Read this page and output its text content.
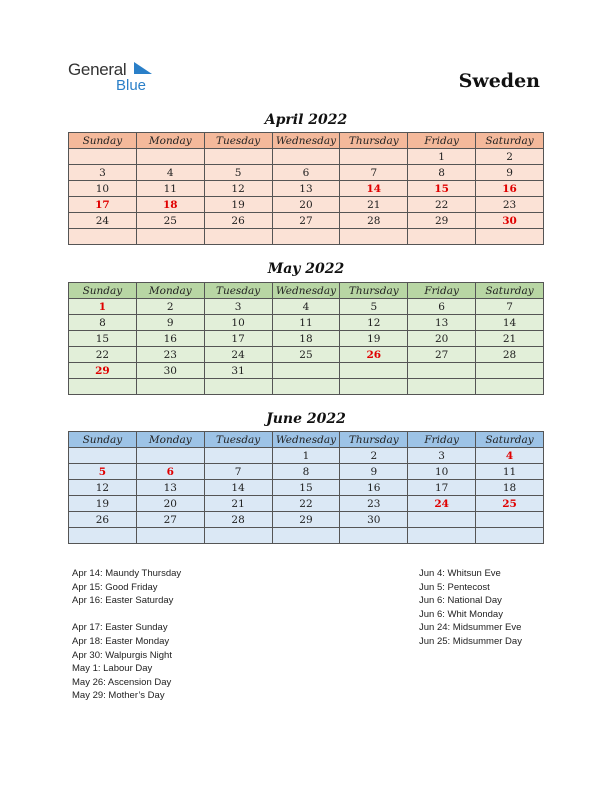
General
Blue	Sweden
April 2022
Sunday	Monday	Tuesday	Wednesday	Thursday	Friday	Saturday
					1	2
3	4	5	6	7	8	9
10	11	12	13	14	15	16
17	18	19	20	21	22	23
24	25	26	27	28	29	30

May 2022
Sunday	Monday	Tuesday	Wednesday	Thursday	Friday	Saturday
1	2	3	4	5	6	7
8	9	10	11	12	13	14
15	16	17	18	19	20	21
22	23	24	25	26	27	28
29	30	31				

June 2022
Sunday	Monday	Tuesday	Wednesday	Thursday	Friday	Saturday
			1	2	3	4
5	6	7	8	9	10	11
12	13	14	15	16	17	18
19	20	21	22	23	24	25
26	27	28	29	30		

Apr 14: Maundy Thursday
Apr 15: Good Friday
Apr 16: Easter Saturday

Apr 17: Easter Sunday
Apr 18: Easter Monday
Apr 30: Walpurgis Night
May 1: Labour Day
May 26: Ascension Day
May 29: Mother’s Day
Jun 4: Whitsun Eve
Jun 5: Pentecost
Jun 6: National Day
Jun 6: Whit Monday
Jun 24: Midsummer Eve
Jun 25: Midsummer Day
